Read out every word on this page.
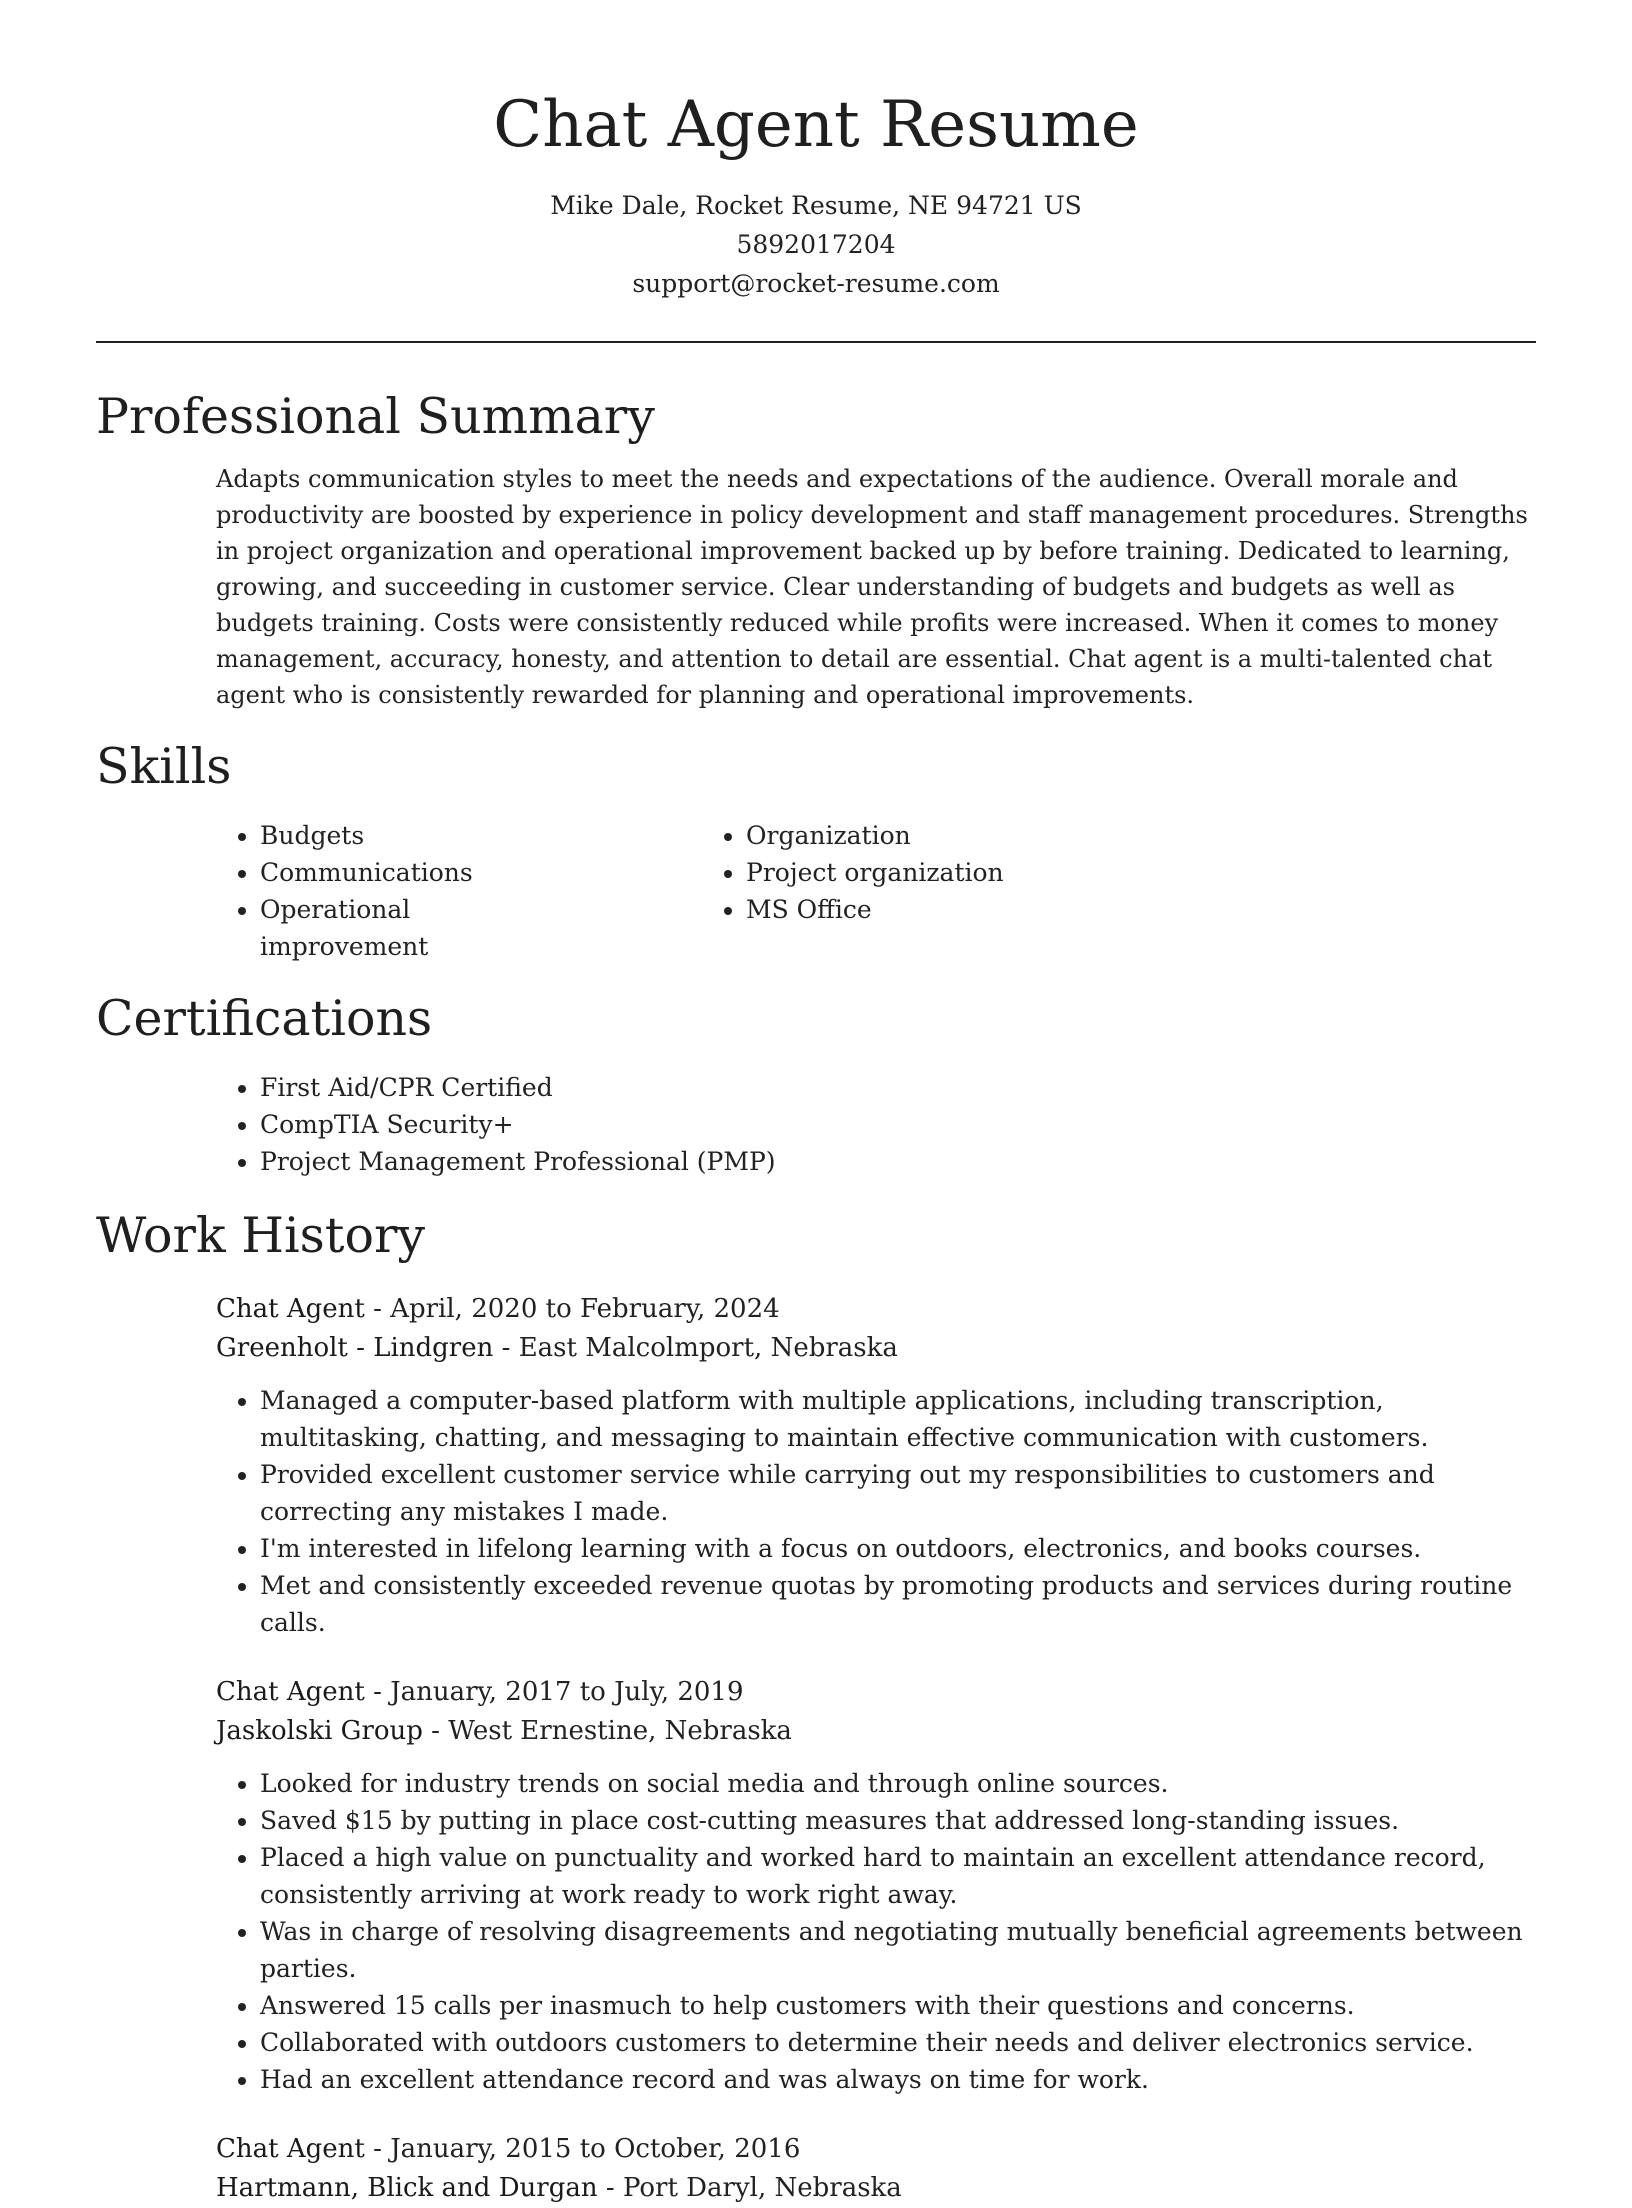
Chat Agent Resume
Mike Dale, Rocket Resume, NE 94721 US
5892017204
support@rocket-resume.com
Professional Summary

Adapts communication styles to meet the needs and expectations of the audience. Overall morale and productivity are boosted by experience in policy development and staff management procedures. Strengths in project organization and operational improvement backed up by before training. Dedicated to learning, growing, and succeeding in customer service. Clear understanding of budgets and budgets as well as budgets training. Costs were consistently reduced while profits were increased. When it comes to money management, accuracy, honesty, and attention to detail are essential. Chat agent is a multi-talented chat agent who is consistently rewarded for planning and operational improvements.

Skills
• Budgets
• Communications
• Operational improvement
• Organization
• Project organization
• MS Office
Certifications
• First Aid/CPR Certified
• CompTIA Security+
• Project Management Professional (PMP)
Work History
Chat Agent - April, 2020 to February, 2024
Greenholt - Lindgren - East Malcolmport, Nebraska
• Managed a computer-based platform with multiple applications, including transcription, multitasking, chatting, and messaging to maintain effective communication with customers.
• Provided excellent customer service while carrying out my responsibilities to customers and correcting any mistakes I made.
• I'm interested in lifelong learning with a focus on outdoors, electronics, and books courses.
• Met and consistently exceeded revenue quotas by promoting products and services during routine calls.
Chat Agent - January, 2017 to July, 2019
Jaskolski Group - West Ernestine, Nebraska
• Looked for industry trends on social media and through online sources.
• Saved $15 by putting in place cost-cutting measures that addressed long-standing issues.
• Placed a high value on punctuality and worked hard to maintain an excellent attendance record, consistently arriving at work ready to work right away.
• Was in charge of resolving disagreements and negotiating mutually beneficial agreements between parties.
• Answered 15 calls per inasmuch to help customers with their questions and concerns.
• Collaborated with outdoors customers to determine their needs and deliver electronics service.
• Had an excellent attendance record and was always on time for work.
Chat Agent - January, 2015 to October, 2016
Hartmann, Blick and Durgan - Port Daryl, Nebraska
